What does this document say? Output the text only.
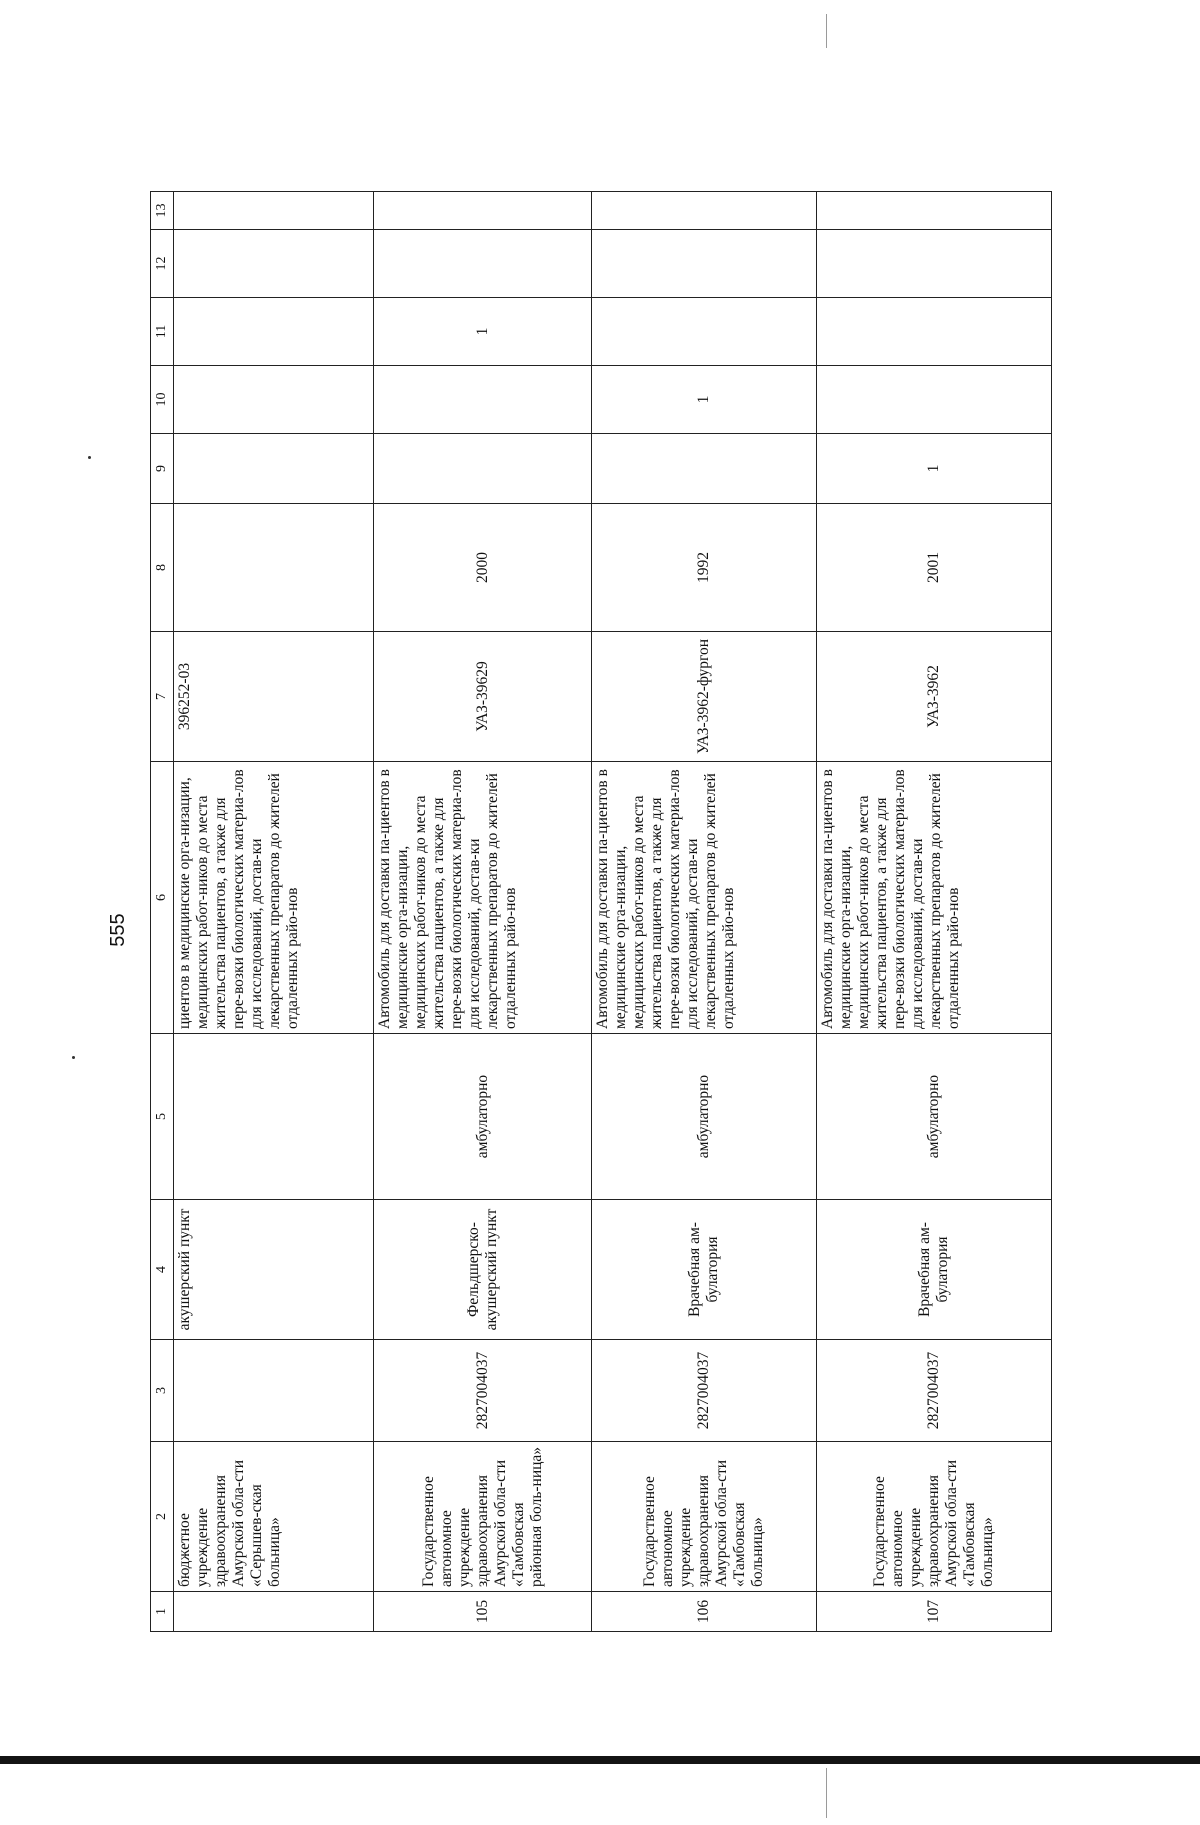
555
1	2	3	4	5	6	7	8	9	10	11	12	13
	бюджетное учреждение здравоохранения Амурской обла-сти «Серышев-ская больница»		акушерский пункт		циентов в медицинские орга-низации, медицинских работ-ников до места жительства пациентов, а также для пере-возки биологических материа-лов для исследований, достав-ки лекарственных препаратов до жителей отдаленных райо-нов	396252-03						
105	Государственное автономное учреждение здравоохранения Амурской обла-сти «Тамбовская районная боль-ница»	2827004037	Фельдшерско-акушерский пункт	амбулаторно	Автомобиль для доставки па-циентов в медицинские орга-низации, медицинских работ-ников до места жительства пациентов, а также для пере-возки биологических материа-лов для исследований, достав-ки лекарственных препаратов до жителей отдаленных райо-нов	УАЗ-39629	2000			1		
106	Государственное автономное учреждение здравоохранения Амурской обла-сти «Тамбовская больница»	2827004037	Врачебная ам-булатория	амбулаторно	Автомобиль для доставки па-циентов в медицинские орга-низации, медицинских работ-ников до места жительства пациентов, а также для пере-возки биологических материа-лов для исследований, достав-ки лекарственных препаратов до жителей отдаленных райо-нов	УАЗ-3962-фургон	1992		1			
107	Государственное автономное учреждение здравоохранения Амурской обла-сти «Тамбовская больница»	2827004037	Врачебная ам-булатория	амбулаторно	Автомобиль для доставки па-циентов в медицинские орга-низации, медицинских работ-ников до места жительства пациентов, а также для пере-возки биологических материа-лов для исследований, достав-ки лекарственных препаратов до жителей отдаленных райо-нов	УАЗ-3962	2001	1				
